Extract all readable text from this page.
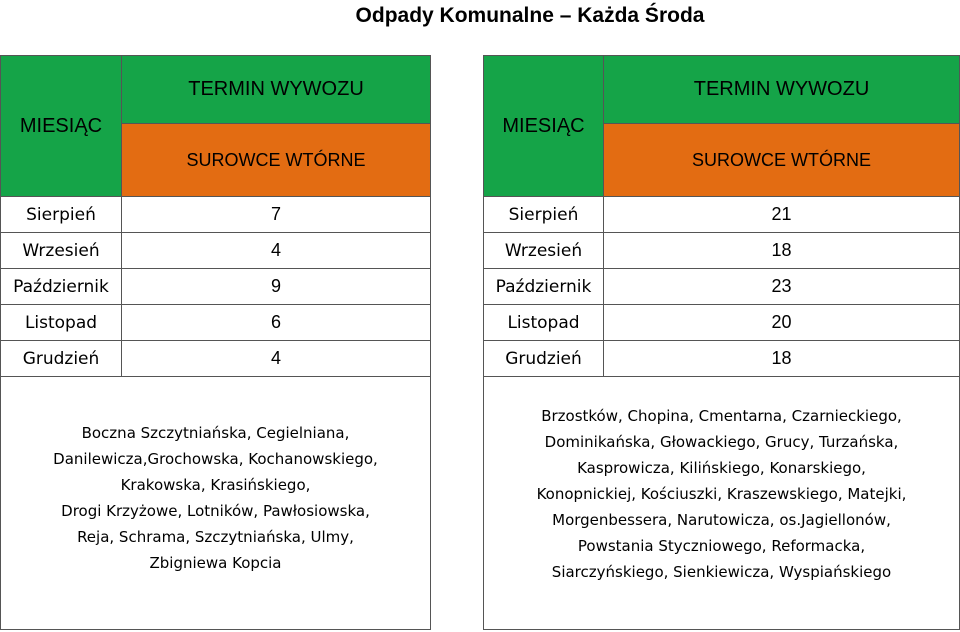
Odpady Komunalne – Każda Środa
MIESIĄC	TERMIN WYWOZU
	SUROWCE WTÓRNE
Sierpień	7
Wrzesień	4
Październik	9
Listopad	6
Grudzień	4
Boczna Szczytniańska, Cegielniana,
Danilewicza,Grochowska, Kochanowskiego,
Krakowska, Krasińskiego,
Drogi Krzyżowe, Lotników, Pawłosiowska,
Reja, Schrama, Szczytniańska, Ulmy,
Zbigniewa Kopcia
MIESIĄC	TERMIN WYWOZU
	SUROWCE WTÓRNE
Sierpień	21
Wrzesień	18
Październik	23
Listopad	20
Grudzień	18
Brzostków, Chopina, Cmentarna, Czarnieckiego,
Dominikańska, Głowackiego, Grucy, Turzańska,
Kasprowicza, Kilińskiego, Konarskiego,
Konopnickiej, Kościuszki, Kraszewskiego, Matejki,
Morgenbessera, Narutowicza, os.Jagiellonów,
Powstania Styczniowego, Reformacka,
Siarczyńskiego, Sienkiewicza, Wyspiańskiego
